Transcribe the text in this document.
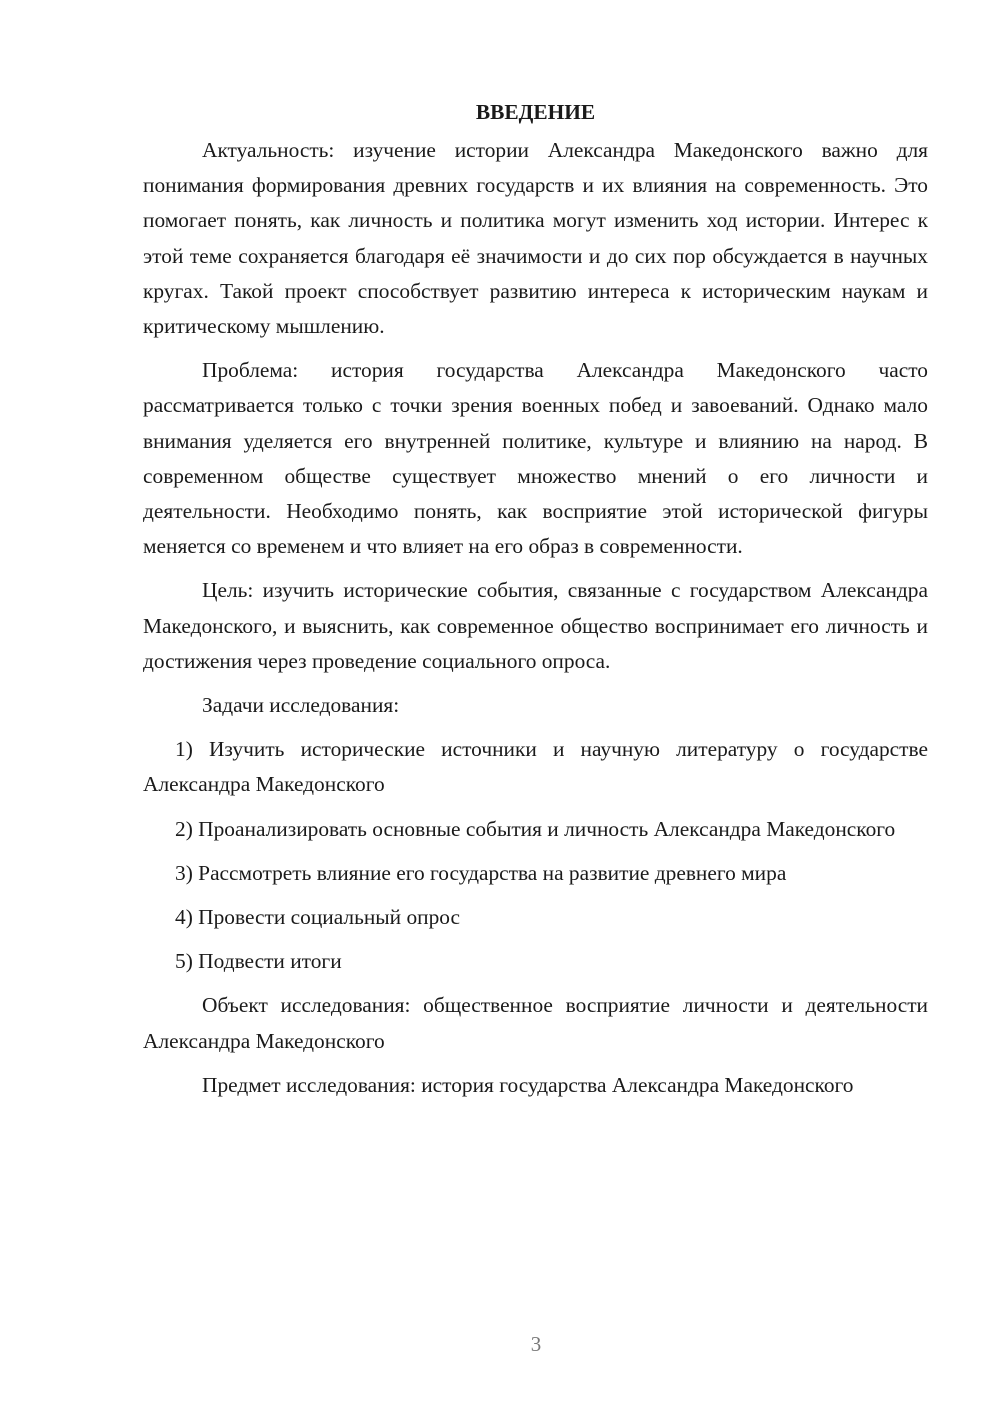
ВВЕДЕНИЕ

Актуальность: изучение истории Александра Македонского важно для понимания формирования древних государств и их влияния на современность. Это помогает понять, как личность и политика могут изменить ход истории. Интерес к этой теме сохраняется благодаря её значимости и до сих пор обсуждается в научных кругах. Такой проект способствует развитию интереса к историческим наукам и критическому мышлению.

Проблема: история государства Александра Македонского часто рассматривается только с точки зрения военных побед и завоеваний. Однако мало внимания уделяется его внутренней политике, культуре и влиянию на народ. В современном обществе существует множество мнений о его личности и деятельности. Необходимо понять, как восприятие этой исторической фигуры меняется со временем и что влияет на его образ в современности.

Цель: изучить исторические события, связанные с государством Александра Македонского, и выяснить, как современное общество воспринимает его личность и достижения через проведение социального опроса.

Задачи исследования:

1) Изучить исторические источники и научную литературу о государстве Александра Македонского

2) Проанализировать основные события и личность Александра Македонского

3) Рассмотреть влияние его государства на развитие древнего мира

4) Провести социальный опрос

5) Подвести итоги

Объект исследования: общественное восприятие личности и деятельности Александра Македонского

Предмет исследования: история государства Александра Македонского

3
